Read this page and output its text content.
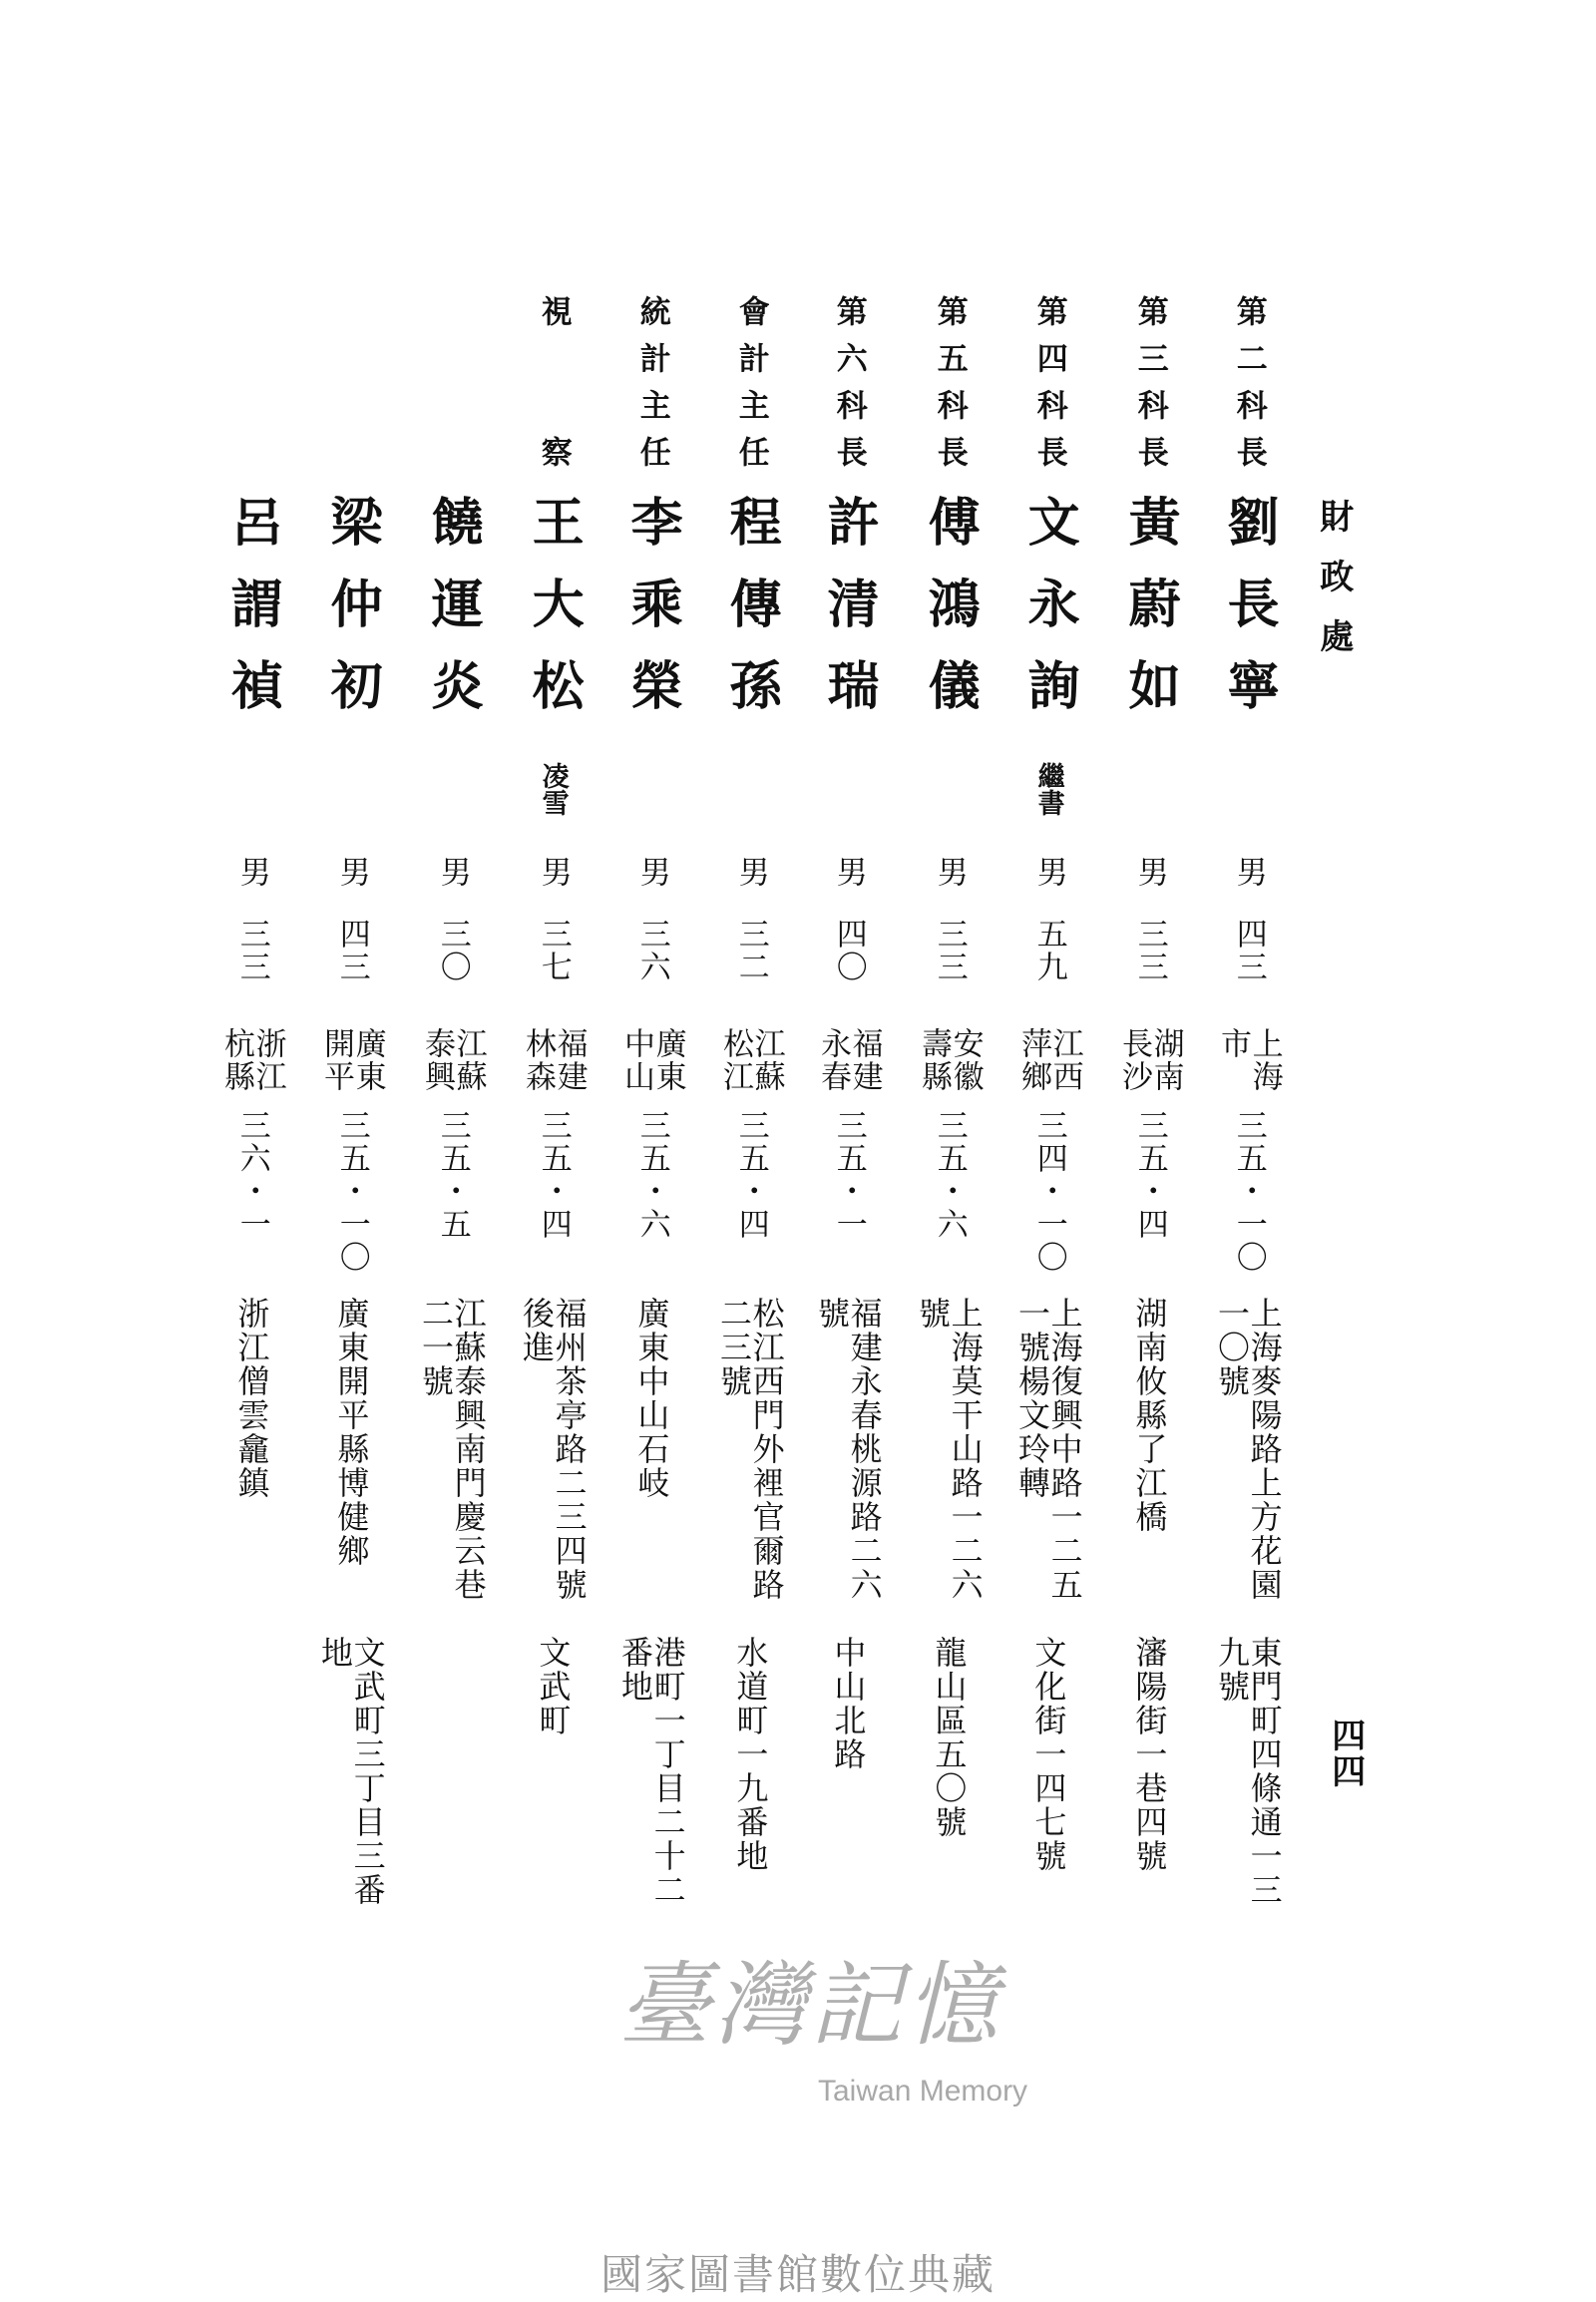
財政處
四四
第二科長
劉長寧
男
四三
上海市
三五・一〇
上海麥陽路上方花園一〇號
東門町四條通一三九號
第三科長
黃蔚如
男
三三
湖南長沙
三五・四
湖南攸縣了江橋
瀋陽街一巷四號
第四科長
文永詢
繼書
男
五九
江西萍鄉
三四・一〇
上海復興中路一二五一號楊文玲轉
文化街一四七號
第五科長
傅鴻儀
男
三三
安徽壽縣
三五・六
上海莫干山路一二六號
龍山區五〇號
第六科長
許清瑞
男
四〇
福建永春
三五・一
福建永春桃源路二六號
中山北路
會計主任
程傳孫
男
三二
江蘇松江
三五・四
松江西門外裡官爾路二三號
水道町一九番地
統計主任
李乘榮
男
三六
廣東中山
三五・六
廣東中山石岐
港町一丁目二十二番地
視察
王大松
凌雪
男
三七
福建林森
三五・四
福州茶亭路二三四號後進
文武町
饒運炎
男
三〇
江蘇泰興
三五・五
江蘇泰興南門慶云巷二一號
梁仲初
男
四三
廣東開平
三五・一〇
廣東開平縣博健鄉
文武町三丁目三番地
呂謂禎
男
三三
浙江杭縣
三六・一
浙江僧雲龕鎮
臺灣記憶
Taiwan Memory
國家圖書館數位典藏
